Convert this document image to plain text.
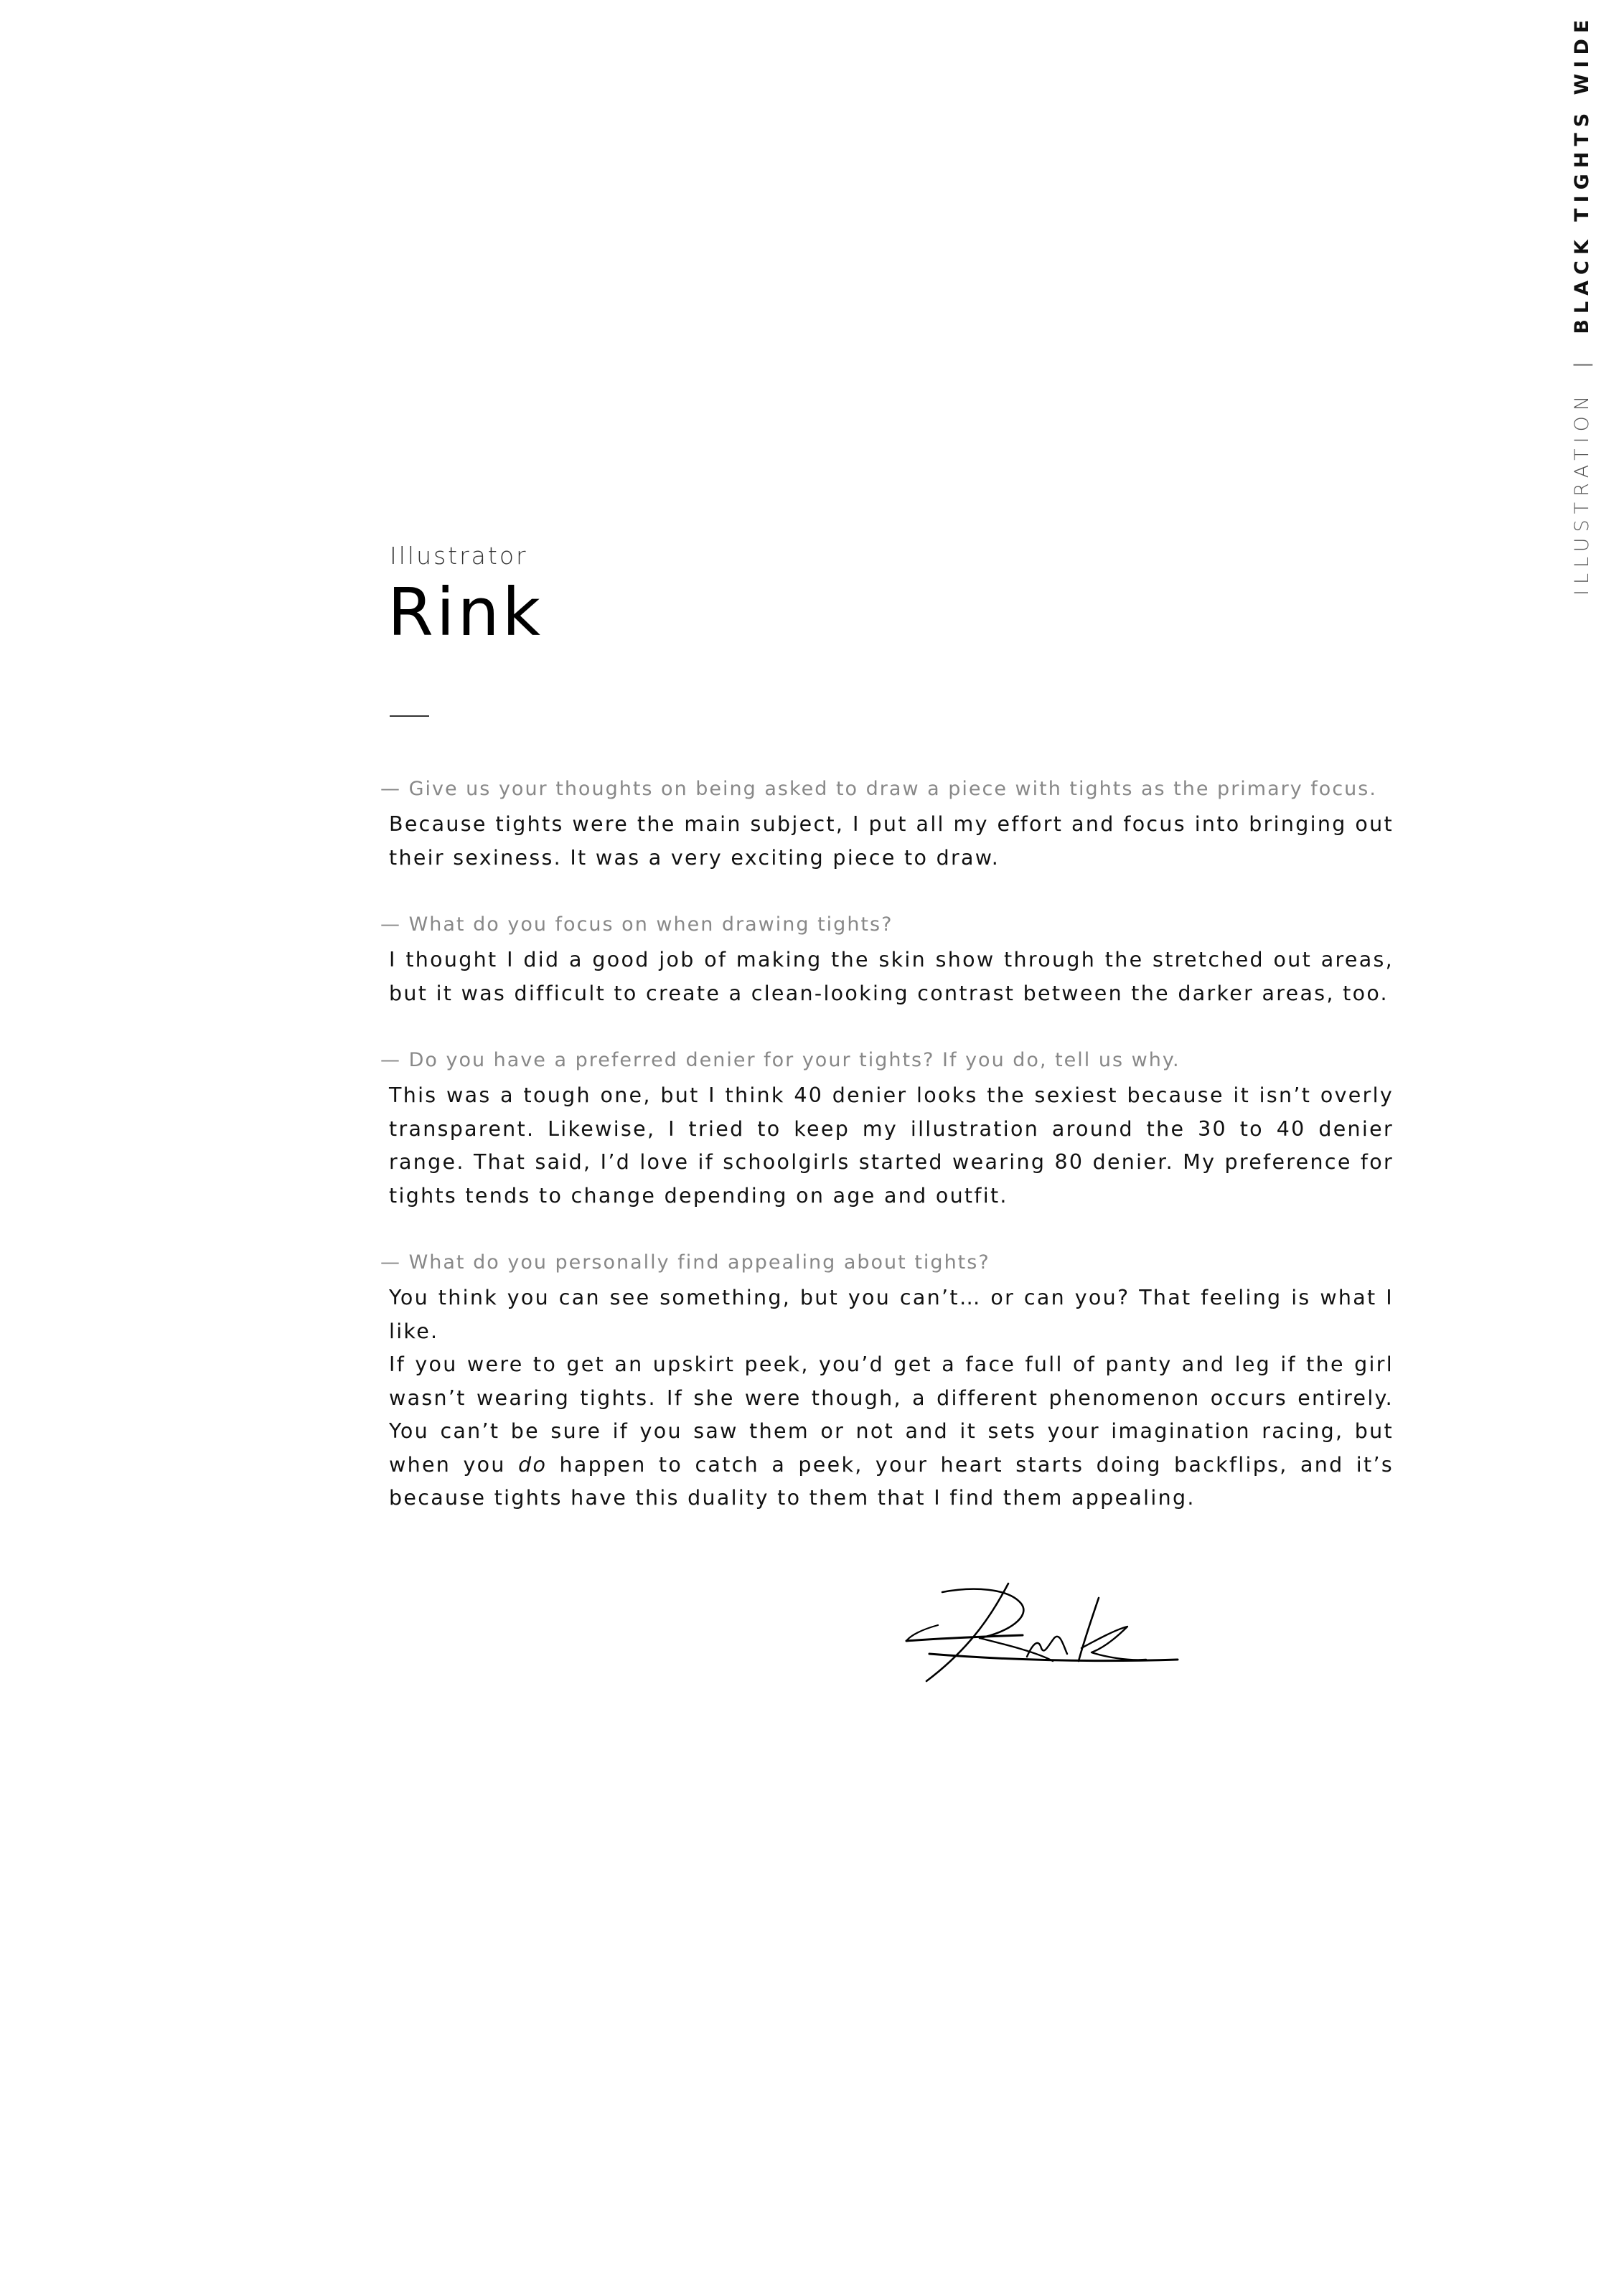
ILLUSTRATION | BLACK TIGHTS WIDE
Illustrator
Rink
— Give us your thoughts on being asked to draw a piece with tights as the primary focus.
Because tights were the main subject, I put all my effort and focus into bringing out their sexiness. It was a very exciting piece to draw.
— What do you focus on when drawing tights?
I thought I did a good job of making the skin show through the stretched out areas, but it was difficult to create a clean-looking contrast between the darker areas, too.
— Do you have a preferred denier for your tights? If you do, tell us why.
This was a tough one, but I think 40 denier looks the sexiest because it isn’t overly transparent. Likewise, I tried to keep my illustration around the 30 to 40 denier range. That said, I’d love if schoolgirls started wearing 80 denier. My preference for tights tends to change depending on age and outfit.
— What do you personally find appealing about tights?

You think you can see something, but you can’t… or can you? That feeling is what I like.

If you were to get an upskirt peek, you’d get a face full of panty and leg if the girl wasn’t wearing tights. If she were though, a different phenomenon occurs entirely. You can’t be sure if you saw them or not and it sets your imagination racing, but when you do happen to catch a peek, your heart starts doing backflips, and it’s because tights have this duality to them that I find them appealing.
